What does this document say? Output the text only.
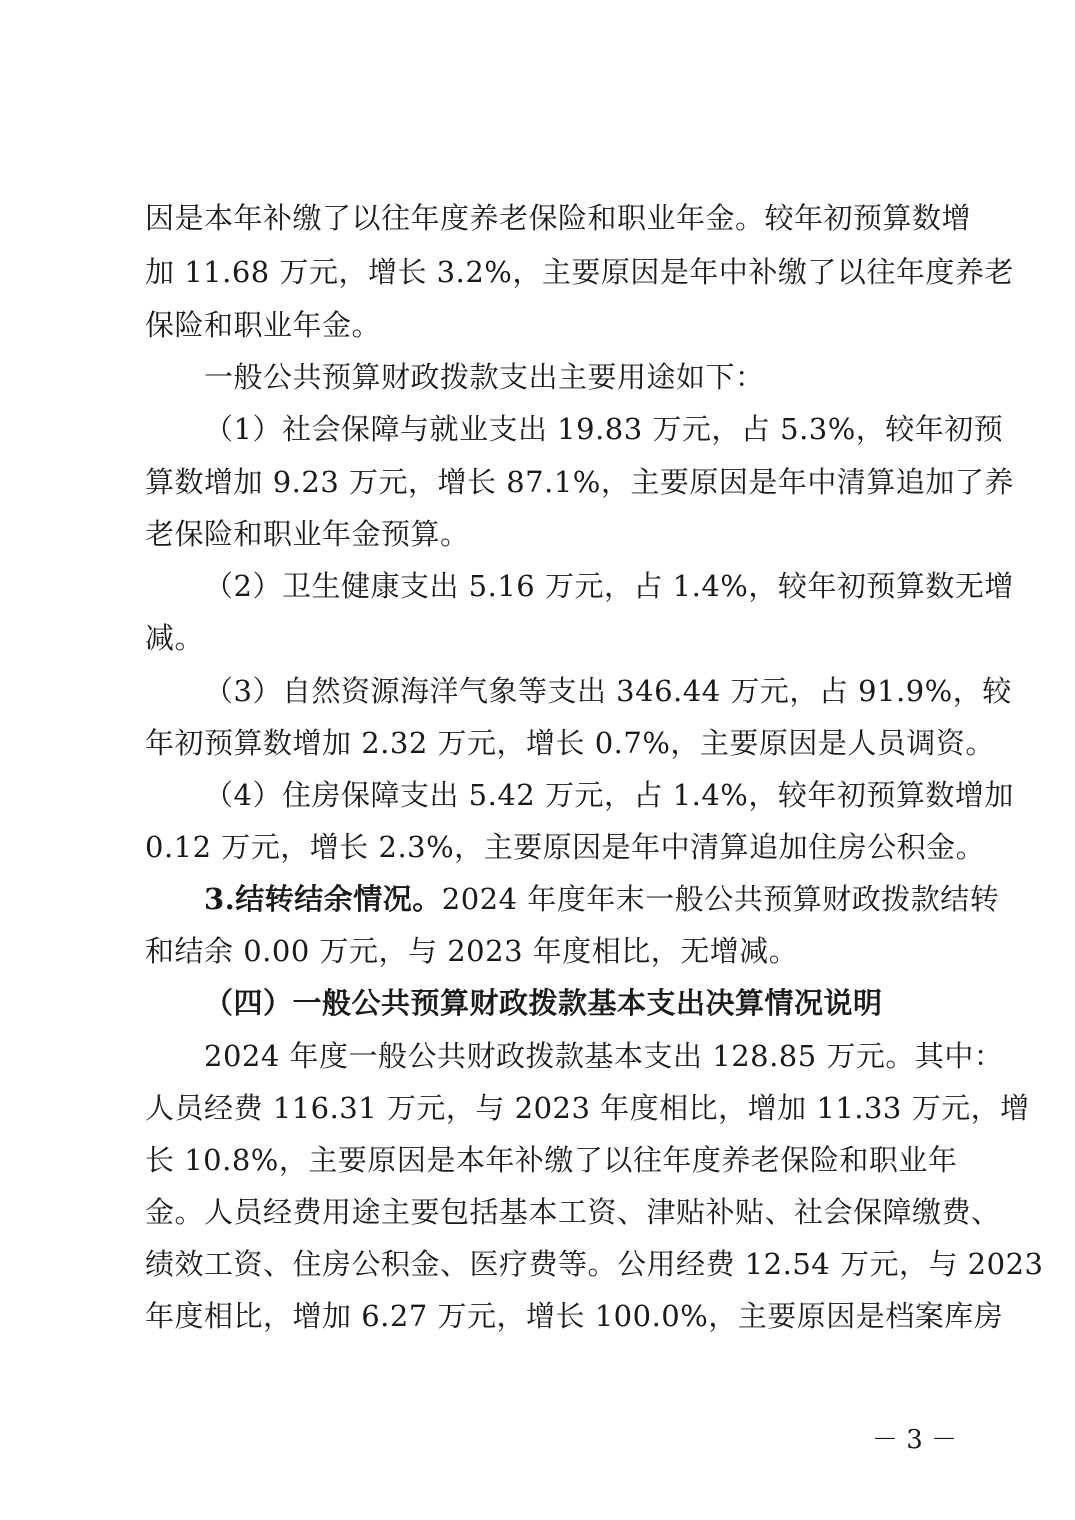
因是本年补缴了以往年度养老保险和职业年金。较年初预算数增
加 11.68 万元，增长 3.2%，主要原因是年中补缴了以往年度养老
保险和职业年金。
一般公共预算财政拨款支出主要用途如下：
（1）社会保障与就业支出 19.83 万元，占 5.3%，较年初预
算数增加 9.23 万元，增长 87.1%，主要原因是年中清算追加了养
老保险和职业年金预算。
（2）卫生健康支出 5.16 万元，占 1.4%，较年初预算数无增
减。
（3）自然资源海洋气象等支出 346.44 万元，占 91.9%，较
年初预算数增加 2.32 万元，增长 0.7%，主要原因是人员调资。
（4）住房保障支出 5.42 万元，占 1.4%，较年初预算数增加
0.12 万元，增长 2.3%，主要原因是年中清算追加住房公积金。
3.结转结余情况。2024 年度年末一般公共预算财政拨款结转
和结余 0.00 万元，与 2023 年度相比，无增减。
（四）一般公共预算财政拨款基本支出决算情况说明
2024 年度一般公共财政拨款基本支出 128.85 万元。其中：
人员经费 116.31 万元，与 2023 年度相比，增加 11.33 万元，增
长 10.8%，主要原因是本年补缴了以往年度养老保险和职业年
金。人员经费用途主要包括基本工资、津贴补贴、社会保障缴费、
绩效工资、住房公积金、医疗费等。公用经费 12.54 万元，与 2023
年度相比，增加 6.27 万元，增长 100.0%，主要原因是档案库房
－ 3 －
